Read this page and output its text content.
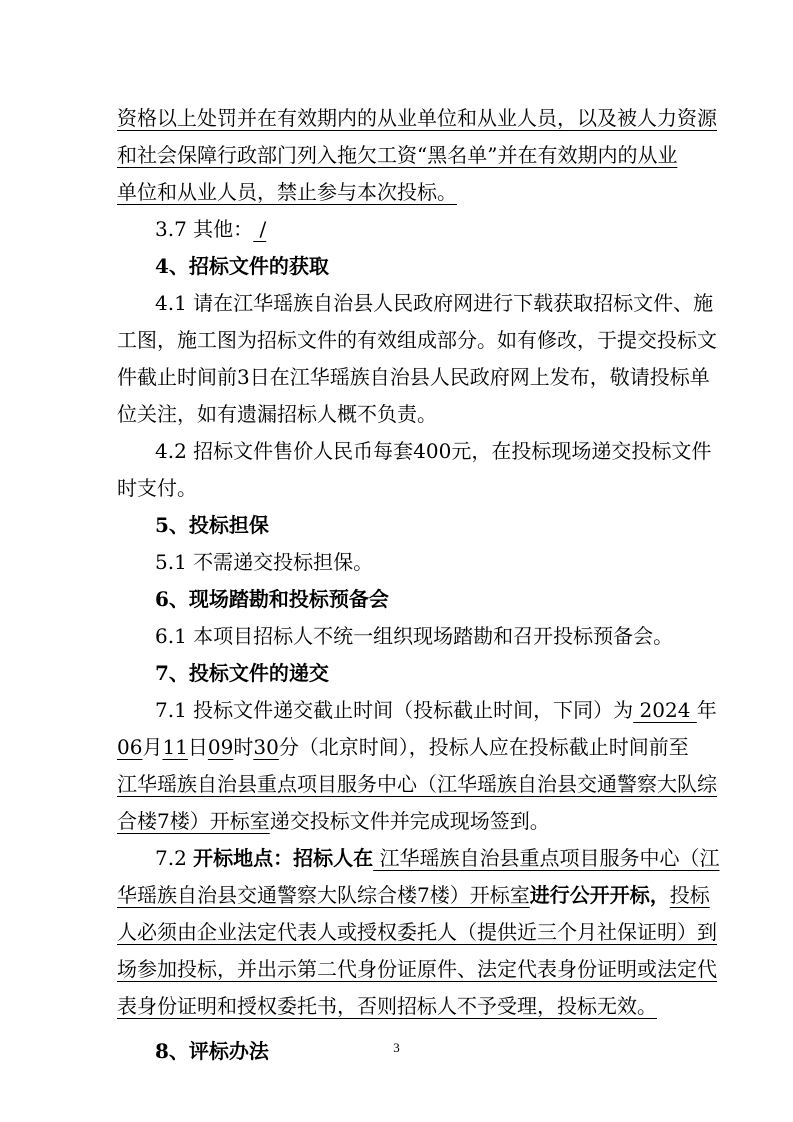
资格以上处罚并在有效期内的从业单位和从业人员，以及被人力资源
和社会保障行政部门列入拖欠工资“黑名单”并在有效期内的从业
单位和从业人员，禁止参与本次投标。
3.7 其他： /
4、招标文件的获取
4.1 请在江华瑶族自治县人民政府网进行下载获取招标文件、施
工图，施工图为招标文件的有效组成部分。如有修改，于提交投标文
件截止时间前3日在江华瑶族自治县人民政府网上发布，敬请投标单
位关注，如有遗漏招标人概不负责。
4.2 招标文件售价人民币每套400元，在投标现场递交投标文件
时支付。
5、投标担保
5.1 不需递交投标担保。
6、现场踏勘和投标预备会
6.1 本项目招标人不统一组织现场踏勘和召开投标预备会。
7、投标文件的递交
7.1 投标文件递交截止时间（投标截止时间，下同）为 2024 年
06月11日09时30分（北京时间），投标人应在投标截止时间前至
江华瑶族自治县重点项目服务中心（江华瑶族自治县交通警察大队综
合楼7楼）开标室递交投标文件并完成现场签到。
7.2 开标地点：招标人在 江华瑶族自治县重点项目服务中心（江
华瑶族自治县交通警察大队综合楼7楼）开标室进行公开开标，投标
人必须由企业法定代表人或授权委托人（提供近三个月社保证明）到
场参加投标，并出示第二代身份证原件、法定代表身份证明或法定代
表身份证明和授权委托书，否则招标人不予受理，投标无效。
8、评标办法	3
